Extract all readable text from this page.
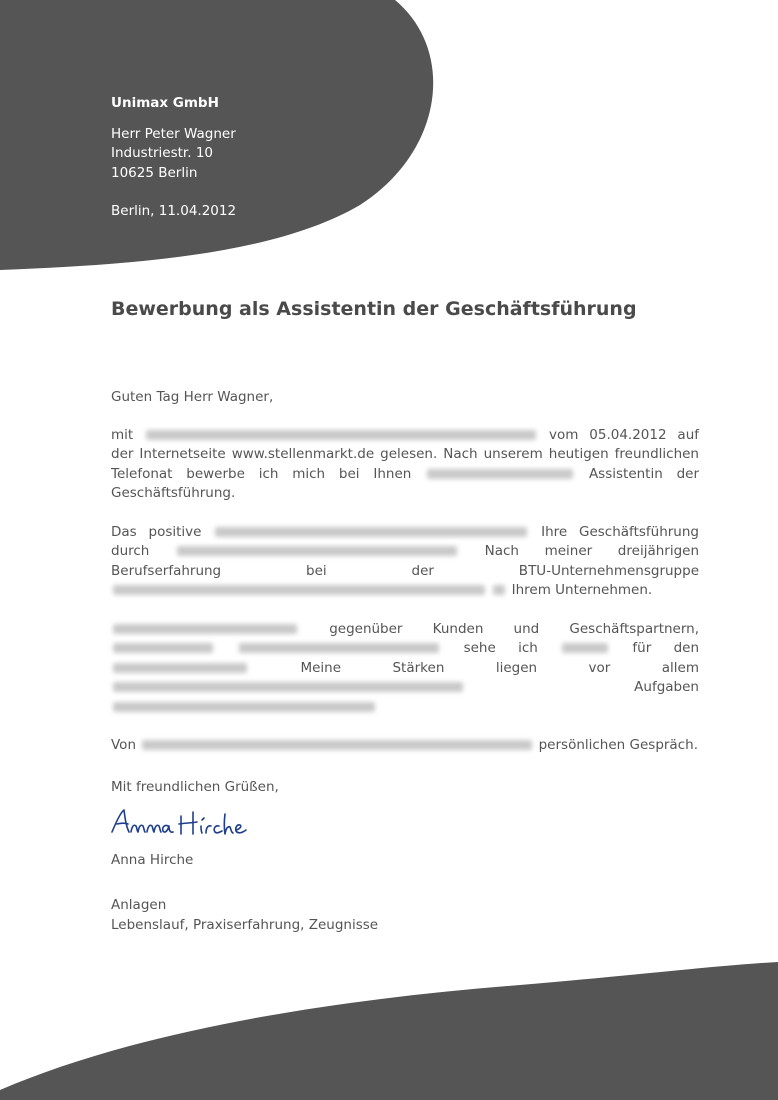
Unimax GmbH
Herr Peter Wagner
Industriestr. 10
10625 Berlin
Berlin, 11.04.2012
Bewerbung als Assistentin der Geschäftsführung

Guten Tag Herr Wagner,

mit	vom 05.04.2012 auf der Internetseite www.stellenmarkt.de gelesen. Nach unserem heutigen freundlichen Telefonat bewerbe ich mich bei Ihnen	Assistentin der Geschäftsführung.

Das positive	Ihre Geschäftsführung durch	Nach meiner dreijährigen Berufserfahrung bei der BTU-Unternehmensgruppe   Ihrem Unternehmen.

gegenüber Kunden und Geschäftspartnern,   sehe ich	für den  Meine Stärken liegen vor allem  Aufgaben

Von	persönlichen Gespräch.

Mit freundlichen Grüßen,
Anna Hirche
Anlagen
Lebenslauf, Praxiserfahrung, Zeugnisse
